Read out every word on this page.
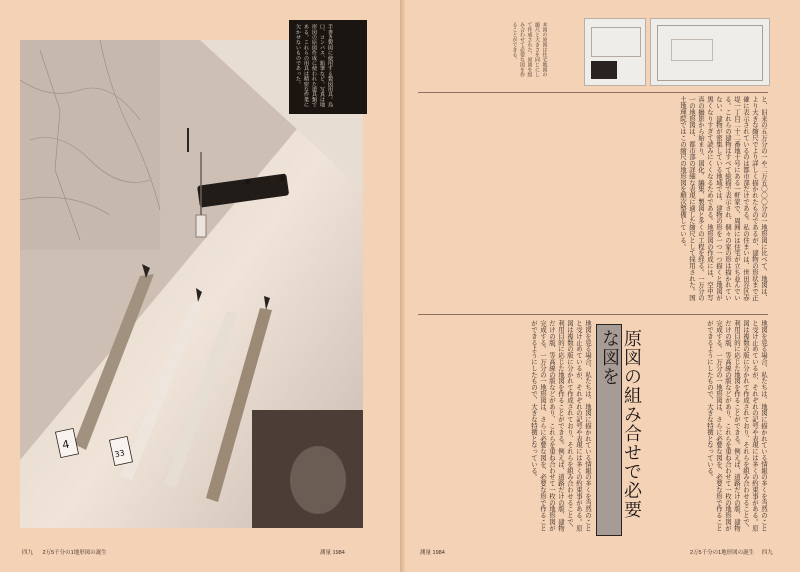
4
33

手書き製図に使用する製図用具。烏口、コンパス、鉛筆など。写真は地形図の原図作成に使われた道具類である。これらの用具は精密な作業に欠かせないものであった。

四九 2万5千分の1地形図の誕生	測量 1984

本図の原図は住宅地図の縮尺と大きさを同じにして作成された。原図を組み合わせて必要な図を作ることができる。

と、旧来の五万分の一や二万五〇〇〇分の一地形図に比べて、地図は、より大きな縮尺でより詳しく描かれたものであるが、建物の形状まで正確に表示されているのは都市部だけである。私の住まいは、世田谷区赤堤一丁目二十二番地十号にある一軒家で、周囲には住宅が立ち並んでいる。これらの建物はすべて総描で表示され、個々の家の形は描かれていない。建物が密集している地域では、建物の形を一つ一つ描くと地図が黒くなりすぎて読みにくくなるためである。地形図の作成には、空中写真の撮影から始まり、図化、編集、製図と多くの工程を経る。一万分の一の地形図は、都市部の詳細な表現に適した縮尺として採用された。国土地理院ではこの縮尺の地形図を順次整備している。

原図の組み合せで必要な図を	地図を見る場合、私たちは、地図に描かれている情報の多くを当然のことと受け止めているが、それぞれの記号や表現には多くの約束事がある。原図は複数の版に分かれて作成されており、それらを組み合わせることで、利用目的に応じた地図を作ることができる。例えば、道路だけの版、建物だけの版、等高線の版などがあり、これらを重ね合わせて一枚の地形図が完成する。一万分の一地形図は、さらに必要な図を、必要な形で作ることができるようにしたもので、大きな特徴となっている。

地図を見る場合、私たちは、地図に描かれている情報の多くを当然のことと受け止めているが、それぞれの記号や表現には多くの約束事がある。原図は複数の版に分かれて作成されており、それらを組み合わせることで、利用目的に応じた地図を作ることができる。例えば、道路だけの版、建物だけの版、等高線の版などがあり、これらを重ね合わせて一枚の地形図が完成する。一万分の一地形図は、さらに必要な図を、必要な形で作ることができるようにしたもので、大きな特徴となっている。

測量 1984	2万5千分の1地形図の誕生 四九
